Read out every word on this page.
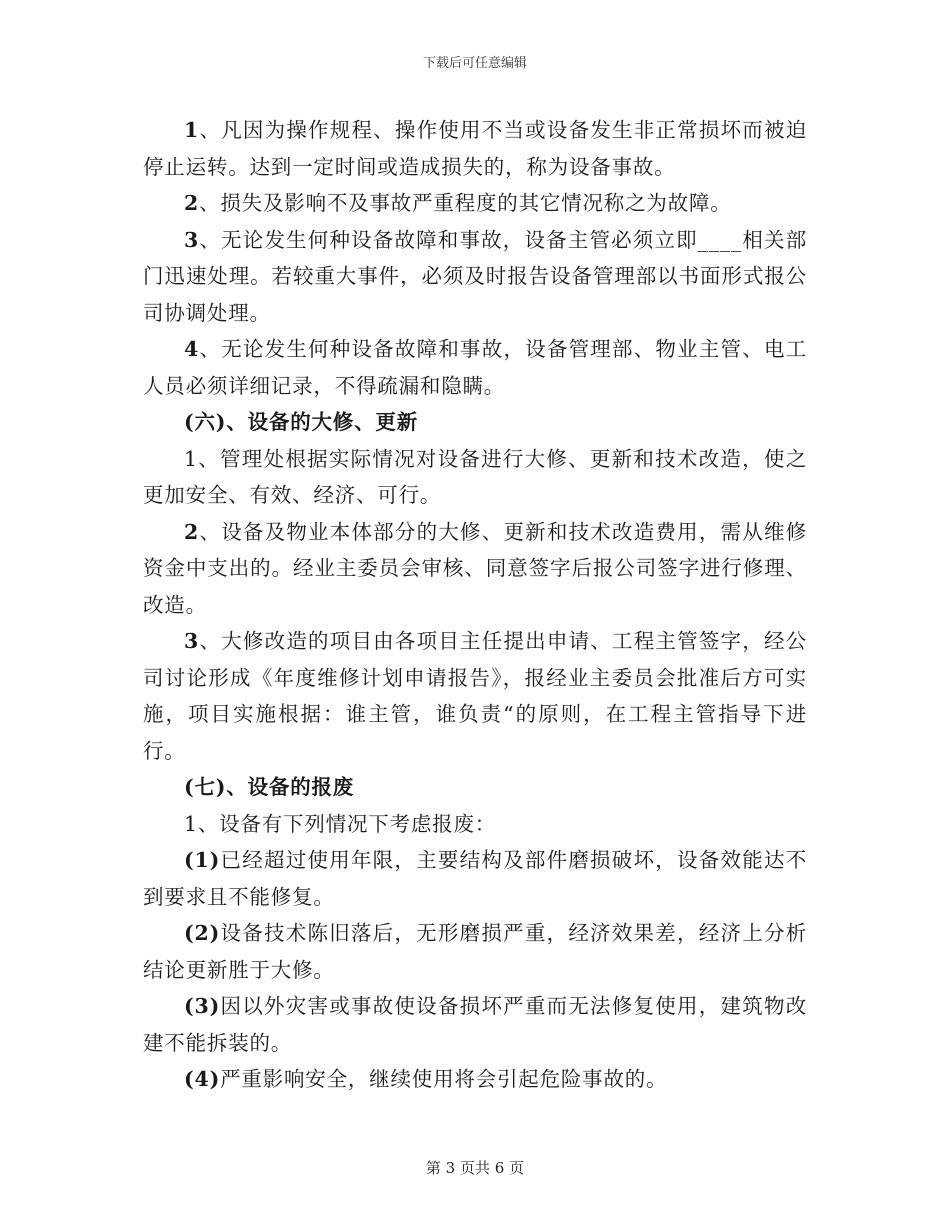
下载后可任意编辑

1、凡因为操作规程、操作使用不当或设备发生非正常损坏而被迫停止运转。达到一定时间或造成损失的，称为设备事故。

2、损失及影响不及事故严重程度的其它情况称之为故障。

3、无论发生何种设备故障和事故，设备主管必须立即____相关部门迅速处理。若较重大事件，必须及时报告设备管理部以书面形式报公司协调处理。

4、无论发生何种设备故障和事故，设备管理部、物业主管、电工人员必须详细记录，不得疏漏和隐瞒。

(六)、设备的大修、更新

1、管理处根据实际情况对设备进行大修、更新和技术改造，使之更加安全、有效、经济、可行。

2、设备及物业本体部分的大修、更新和技术改造费用，需从维修资金中支出的。经业主委员会审核、同意签字后报公司签字进行修理、改造。

3、大修改造的项目由各项目主任提出申请、工程主管签字，经公司讨论形成《年度维修计划申请报告》，报经业主委员会批准后方可实施，项目实施根据：谁主管，谁负责“的原则，在工程主管指导下进行。

(七)、设备的报废

1、设备有下列情况下考虑报废：

(1)已经超过使用年限，主要结构及部件磨损破坏，设备效能达不到要求且不能修复。

(2)设备技术陈旧落后，无形磨损严重，经济效果差，经济上分析结论更新胜于大修。

(3)因以外灾害或事故使设备损坏严重而无法修复使用，建筑物改建不能拆装的。

(4)严重影响安全，继续使用将会引起危险事故的。

第 3 页共 6 页
